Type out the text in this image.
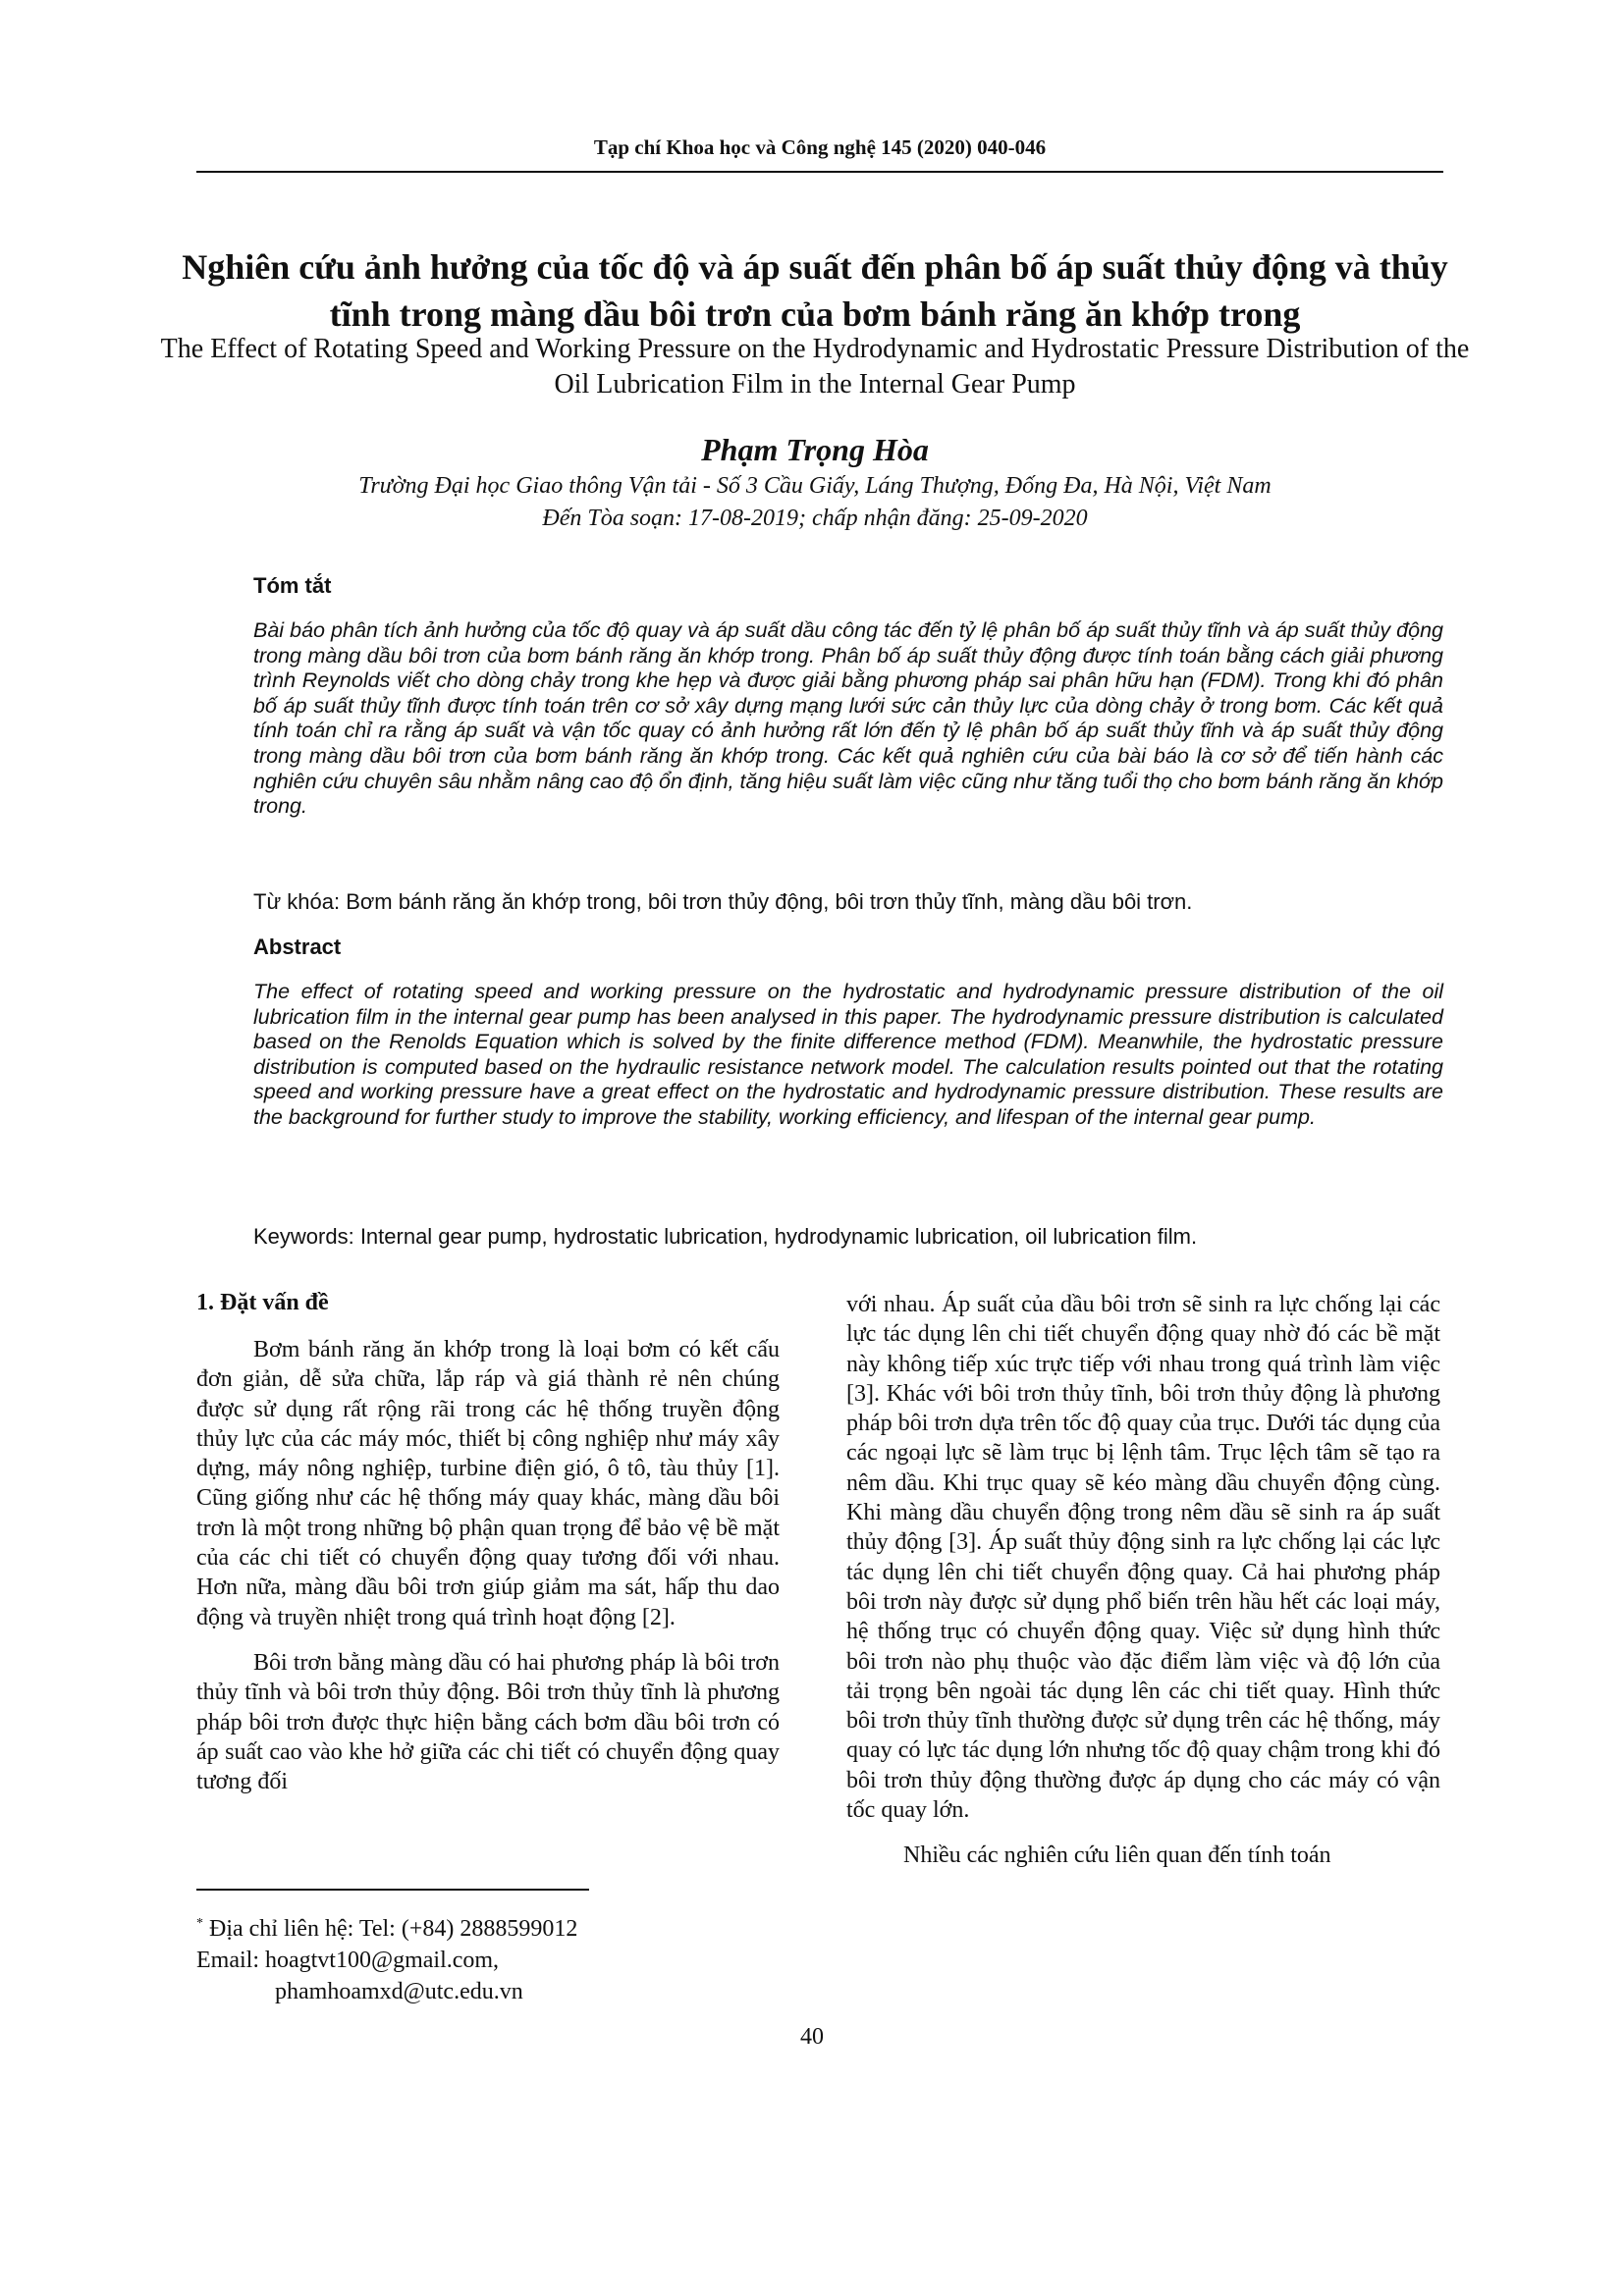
Tạp chí Khoa học và Công nghệ 145 (2020) 040-046
Nghiên cứu ảnh hưởng của tốc độ và áp suất đến phân bố áp suất thủy động và thủy tĩnh trong màng dầu bôi trơn của bơm bánh răng ăn khớp trong
The Effect of Rotating Speed and Working Pressure on the Hydrodynamic and Hydrostatic Pressure Distribution of the Oil Lubrication Film in the Internal Gear Pump
Phạm Trọng Hòa
Trường Đại học Giao thông Vận tải - Số 3 Cầu Giấy, Láng Thượng, Đống Đa, Hà Nội, Việt Nam
Đến Tòa soạn: 17-08-2019; chấp nhận đăng: 25-09-2020
Tóm tắt
Bài báo phân tích ảnh hưởng của tốc độ quay và áp suất dầu công tác đến tỷ lệ phân bố áp suất thủy tĩnh và áp suất thủy động trong màng dầu bôi trơn của bơm bánh răng ăn khớp trong. Phân bố áp suất thủy động được tính toán bằng cách giải phương trình Reynolds viết cho dòng chảy trong khe hẹp và được giải bằng phương pháp sai phân hữu hạn (FDM). Trong khi đó phân bố áp suất thủy tĩnh được tính toán trên cơ sở xây dựng mạng lưới sức cản thủy lực của dòng chảy ở trong bơm. Các kết quả tính toán chỉ ra rằng áp suất và vận tốc quay có ảnh hưởng rất lớn đến tỷ lệ phân bố áp suất thủy tĩnh và áp suất thủy động trong màng dầu bôi trơn của bơm bánh răng ăn khớp trong. Các kết quả nghiên cứu của bài báo là cơ sở để tiến hành các nghiên cứu chuyên sâu nhằm nâng cao độ ổn định, tăng hiệu suất làm việc cũng như tăng tuổi thọ cho bơm bánh răng ăn khớp trong.
Từ khóa: Bơm bánh răng ăn khớp trong, bôi trơn thủy động, bôi trơn thủy tĩnh, màng dầu bôi trơn.
Abstract
The effect of rotating speed and working pressure on the hydrostatic and hydrodynamic pressure distribution of the oil lubrication film in the internal gear pump has been analysed in this paper. The hydrodynamic pressure distribution is calculated based on the Renolds Equation which is solved by the finite difference method (FDM). Meanwhile, the hydrostatic pressure distribution is computed based on the hydraulic resistance network model. The calculation results pointed out that the rotating speed and working pressure have a great effect on the hydrostatic and hydrodynamic pressure distribution. These results are the background for further study to improve the stability, working efficiency, and lifespan of the internal gear pump.
Keywords: Internal gear pump, hydrostatic lubrication, hydrodynamic lubrication, oil lubrication film.
1. Đặt vấn đề

Bơm bánh răng ăn khớp trong là loại bơm có kết cấu đơn giản, dễ sửa chữa, lắp ráp và giá thành rẻ nên chúng được sử dụng rất rộng rãi trong các hệ thống truyền động thủy lực của các máy móc, thiết bị công nghiệp như máy xây dựng, máy nông nghiệp, turbine điện gió, ô tô, tàu thủy [1]. Cũng giống như các hệ thống máy quay khác, màng dầu bôi trơn là một trong những bộ phận quan trọng để bảo vệ bề mặt của các chi tiết có chuyển động quay tương đối với nhau. Hơn nữa, màng dầu bôi trơn giúp giảm ma sát, hấp thu dao động và truyền nhiệt trong quá trình hoạt động [2].

Bôi trơn bằng màng dầu có hai phương pháp là bôi trơn thủy tĩnh và bôi trơn thủy động. Bôi trơn thủy tĩnh là phương pháp bôi trơn được thực hiện bằng cách bơm dầu bôi trơn có áp suất cao vào khe hở giữa các chi tiết có chuyển động quay tương đối

với nhau. Áp suất của dầu bôi trơn sẽ sinh ra lực chống lại các lực tác dụng lên chi tiết chuyển động quay nhờ đó các bề mặt này không tiếp xúc trực tiếp với nhau trong quá trình làm việc [3]. Khác với bôi trơn thủy tĩnh, bôi trơn thủy động là phương pháp bôi trơn dựa trên tốc độ quay của trục. Dưới tác dụng của các ngoại lực sẽ làm trục bị lệnh tâm. Trục lệch tâm sẽ tạo ra nêm dầu. Khi trục quay sẽ kéo màng dầu chuyển động cùng. Khi màng dầu chuyển động trong nêm dầu sẽ sinh ra áp suất thủy động [3]. Áp suất thủy động sinh ra lực chống lại các lực tác dụng lên chi tiết chuyển động quay. Cả hai phương pháp bôi trơn này được sử dụng phổ biến trên hầu hết các loại máy, hệ thống trục có chuyển động quay. Việc sử dụng hình thức bôi trơn nào phụ thuộc vào đặc điểm làm việc và độ lớn của tải trọng bên ngoài tác dụng lên các chi tiết quay. Hình thức bôi trơn thủy tĩnh thường được sử dụng trên các hệ thống, máy quay có lực tác dụng lớn nhưng tốc độ quay chậm trong khi đó bôi trơn thủy động thường được áp dụng cho các máy có vận tốc quay lớn.

Nhiều các nghiên cứu liên quan đến tính toán

* Địa chỉ liên hệ: Tel: (+84) 2888599012
Email: hoagtvt100@gmail.com,
phamhoamxd@utc.edu.vn
40
